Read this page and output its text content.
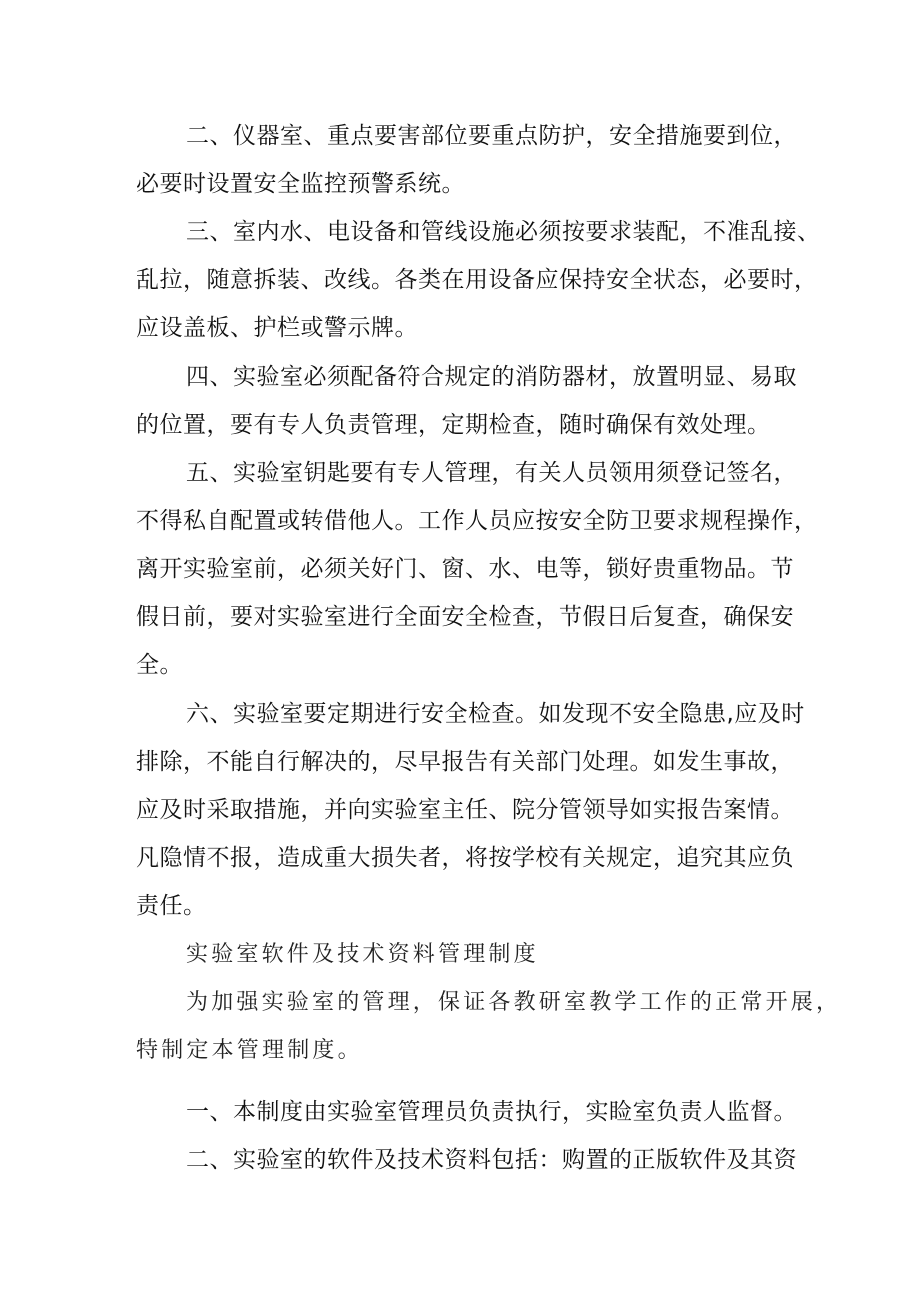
二、仪器室、重点要害部位要重点防护，安全措施要到位，
必要时设置安全监控预警系统。
三、室内水、电设备和管线设施必须按要求装配，不准乱接、
乱拉，随意拆装、改线。各类在用设备应保持安全状态，必要时，
应设盖板、护栏或警示牌。
四、实验室必须配备符合规定的消防器材，放置明显、易取
的位置，要有专人负责管理，定期检查，随时确保有效处理。
五、实验室钥匙要有专人管理，有关人员领用须登记签名，
不得私自配置或转借他人。工作人员应按安全防卫要求规程操作，
离开实验室前，必须关好门、窗、水、电等，锁好贵重物品。节
假日前，要对实验室进行全面安全检查，节假日后复查，确保安
全。
六、实验室要定期进行安全检查。如发现不安全隐患,应及时
排除，不能自行解决的，尽早报告有关部门处理。如发生事故，
应及时采取措施，并向实验室主任、院分管领导如实报告案情。
凡隐情不报，造成重大损失者，将按学校有关规定，追究其应负
责任。
实验室软件及技术资料管理制度
为加强实验室的管理，保证各教研室教学工作的正常开展，
特制定本管理制度。
一、本制度由实验室管理员负责执行，实睑室负责人监督。
二、实验室的软件及技术资料包括：购置的正版软件及其资
